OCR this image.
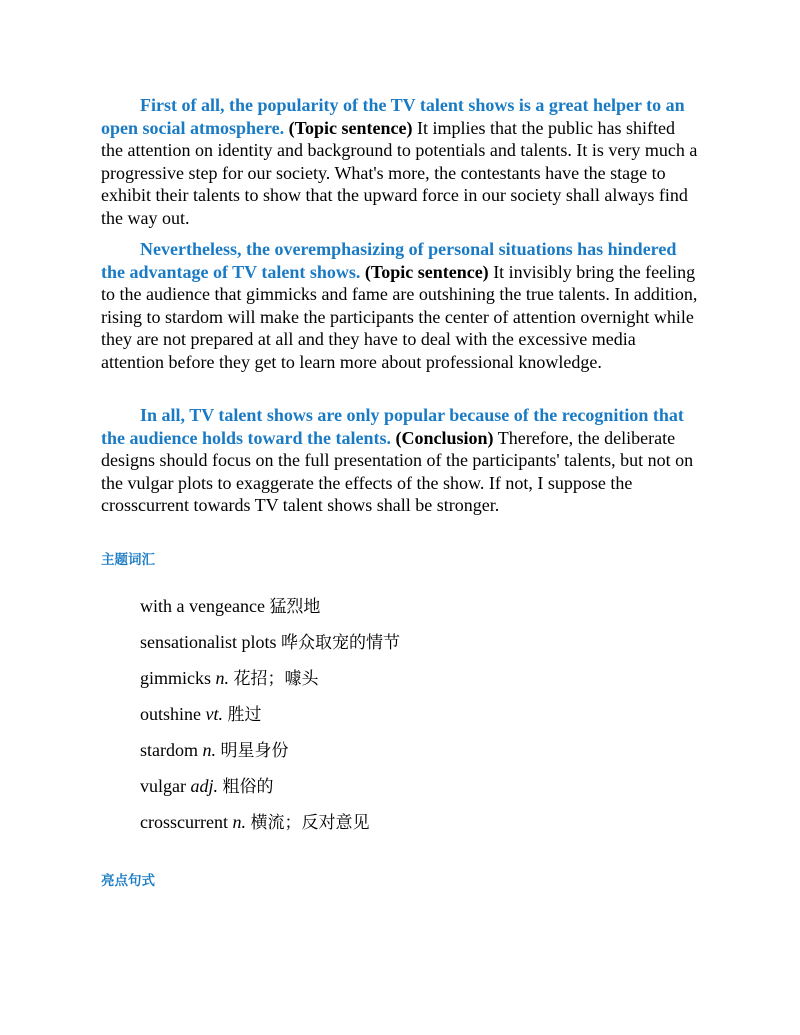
First of all, the popularity of the TV talent shows is a great helper to an open social atmosphere. (Topic sentence) It implies that the public has shifted the attention on identity and background to potentials and talents. It is very much a progressive step for our society. What's more, the contestants have the stage to exhibit their talents to show that the upward force in our society shall always find the way out.

Nevertheless, the overemphasizing of personal situations has hindered the advantage of TV talent shows. (Topic sentence) It invisibly bring the feeling to the audience that gimmicks and fame are outshining the true talents. In addition, rising to stardom will make the participants the center of attention overnight while they are not prepared at all and they have to deal with the excessive media attention before they get to learn more about professional knowledge.

In all, TV talent shows are only popular because of the recognition that the audience holds toward the talents. (Conclusion) Therefore, the deliberate designs should focus on the full presentation of the participants' talents, but not on the vulgar plots to exaggerate the effects of the show. If not, I suppose the crosscurrent towards TV talent shows shall be stronger.

主题词汇
with a vengeance 猛烈地
sensationalist plots 哗众取宠的情节
gimmicks n. 花招；噱头
outshine vt. 胜过
stardom n. 明星身份
vulgar adj. 粗俗的
crosscurrent n. 横流；反对意见
亮点句式
